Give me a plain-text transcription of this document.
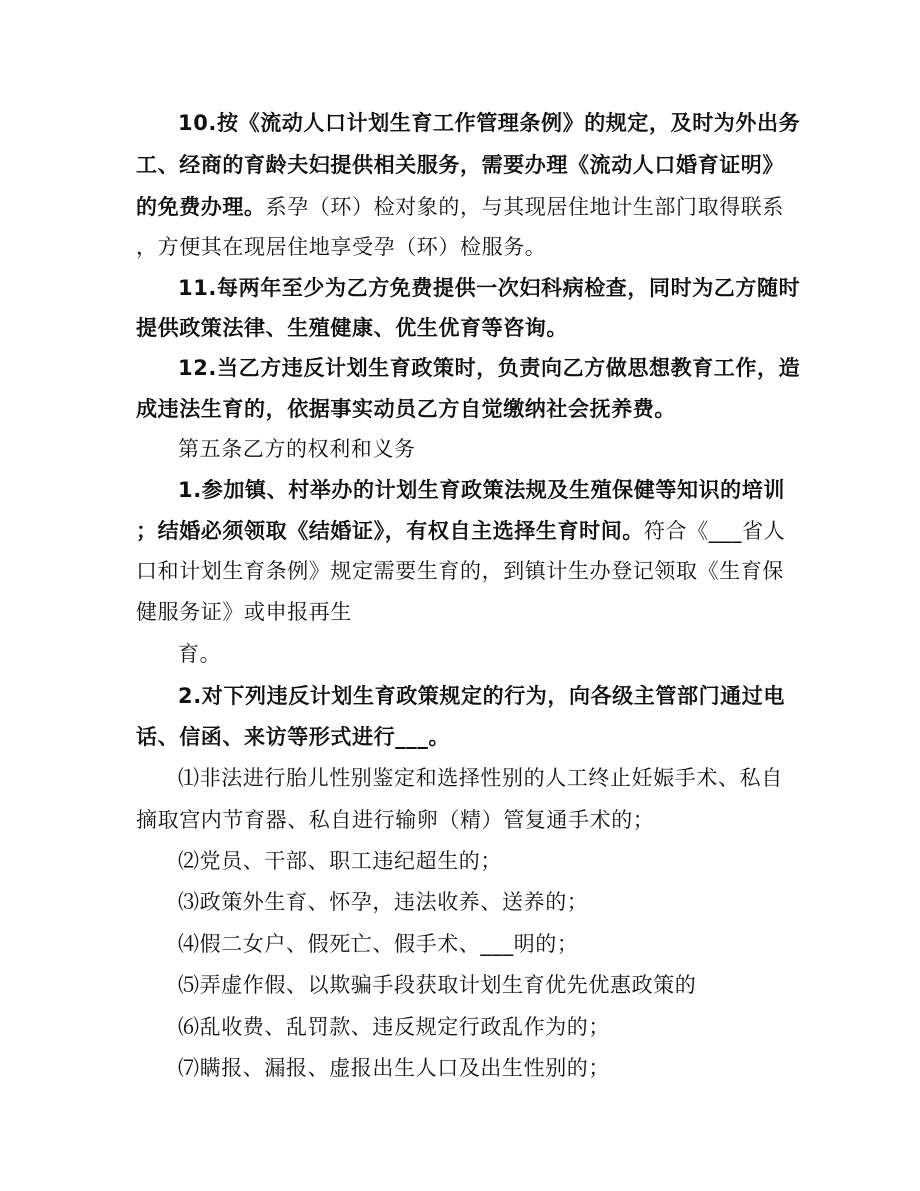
10.按《流动人口计划生育工作管理条例》的规定，及时为外出务
工、经商的育龄夫妇提供相关服务，需要办理《流动人口婚育证明》
的免费办理。系孕（环）检对象的，与其现居住地计生部门取得联系
，方便其在现居住地享受孕（环）检服务。
11.每两年至少为乙方免费提供一次妇科病检查，同时为乙方随时
提供政策法律、生殖健康、优生优育等咨询。
12.当乙方违反计划生育政策时，负责向乙方做思想教育工作，造
成违法生育的，依据事实动员乙方自觉缴纳社会抚养费。
第五条乙方的权利和义务
1.参加镇、村举办的计划生育政策法规及生殖保健等知识的培训
；结婚必须领取《结婚证》，有权自主选择生育时间。符合《___省人
口和计划生育条例》规定需要生育的，到镇计生办登记领取《生育保
健服务证》或申报再生
育。
2.对下列违反计划生育政策规定的行为，向各级主管部门通过电
话、信函、来访等形式进行___。
⑴非法进行胎儿性别鉴定和选择性别的人工终止妊娠手术、私自
摘取宫内节育器、私自进行输卵（精）管复通手术的；
⑵党员、干部、职工违纪超生的；
⑶政策外生育、怀孕，违法收养、送养的；
⑷假二女户、假死亡、假手术、___明的；
⑸弄虚作假、以欺骗手段获取计划生育优先优惠政策的
⑹乱收费、乱罚款、违反规定行政乱作为的；
⑺瞒报、漏报、虚报出生人口及出生性别的；
